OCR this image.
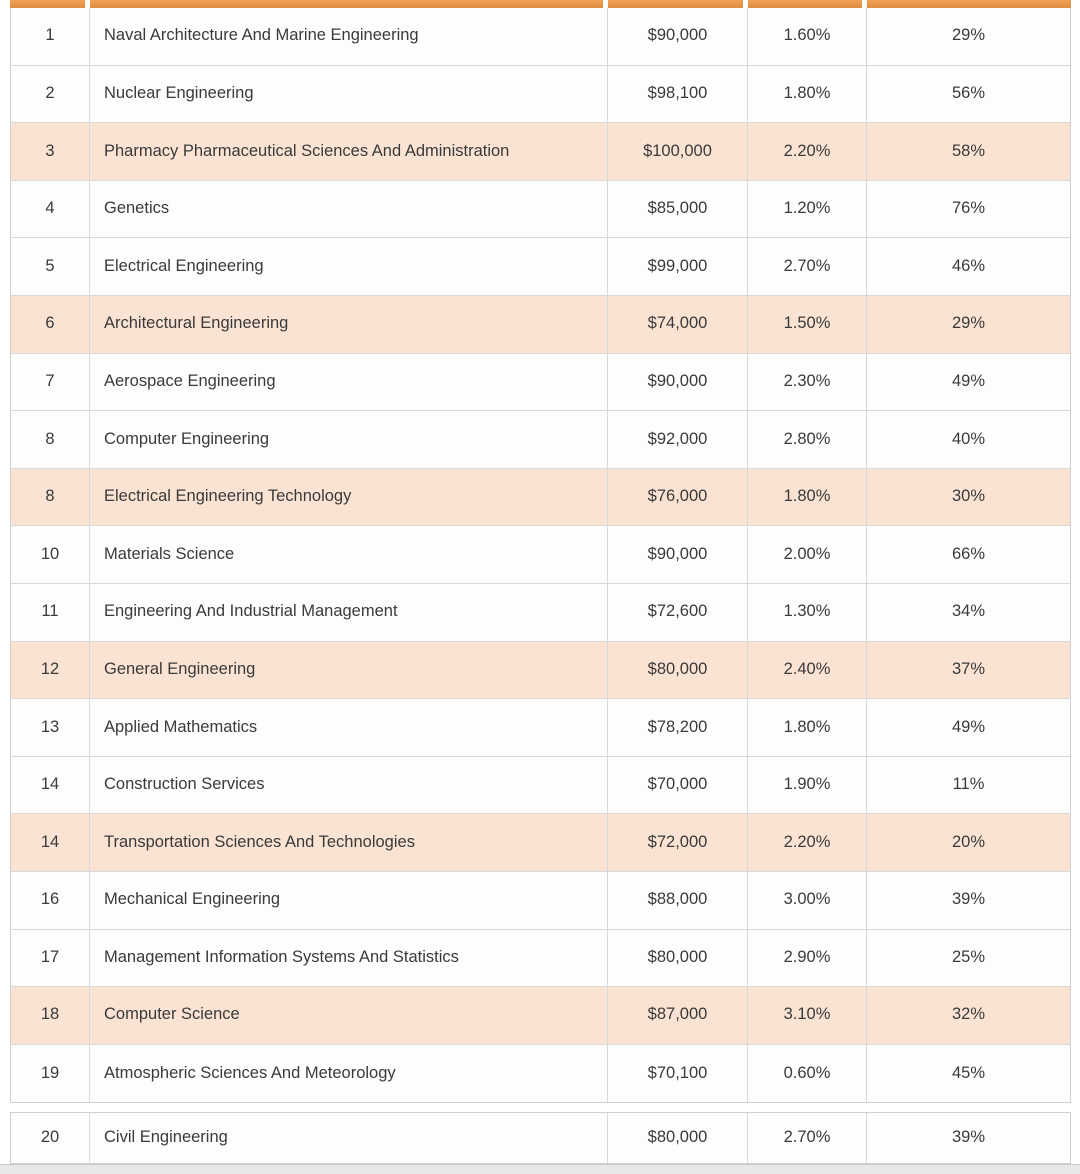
1	Naval Architecture And Marine Engineering	$90,000	1.60%	29%
2	Nuclear Engineering	$98,100	1.80%	56%
3	Pharmacy Pharmaceutical Sciences And Administration	$100,000	2.20%	58%
4	Genetics	$85,000	1.20%	76%
5	Electrical Engineering	$99,000	2.70%	46%
6	Architectural Engineering	$74,000	1.50%	29%
7	Aerospace Engineering	$90,000	2.30%	49%
8	Computer Engineering	$92,000	2.80%	40%
8	Electrical Engineering Technology	$76,000	1.80%	30%
10	Materials Science	$90,000	2.00%	66%
11	Engineering And Industrial Management	$72,600	1.30%	34%
12	General Engineering	$80,000	2.40%	37%
13	Applied Mathematics	$78,200	1.80%	49%
14	Construction Services	$70,000	1.90%	11%
14	Transportation Sciences And Technologies	$72,000	2.20%	20%
16	Mechanical Engineering	$88,000	3.00%	39%
17	Management Information Systems And Statistics	$80,000	2.90%	25%
18	Computer Science	$87,000	3.10%	32%
19	Atmospheric Sciences And Meteorology	$70,100	0.60%	45%
20	Civil Engineering	$80,000	2.70%	39%
